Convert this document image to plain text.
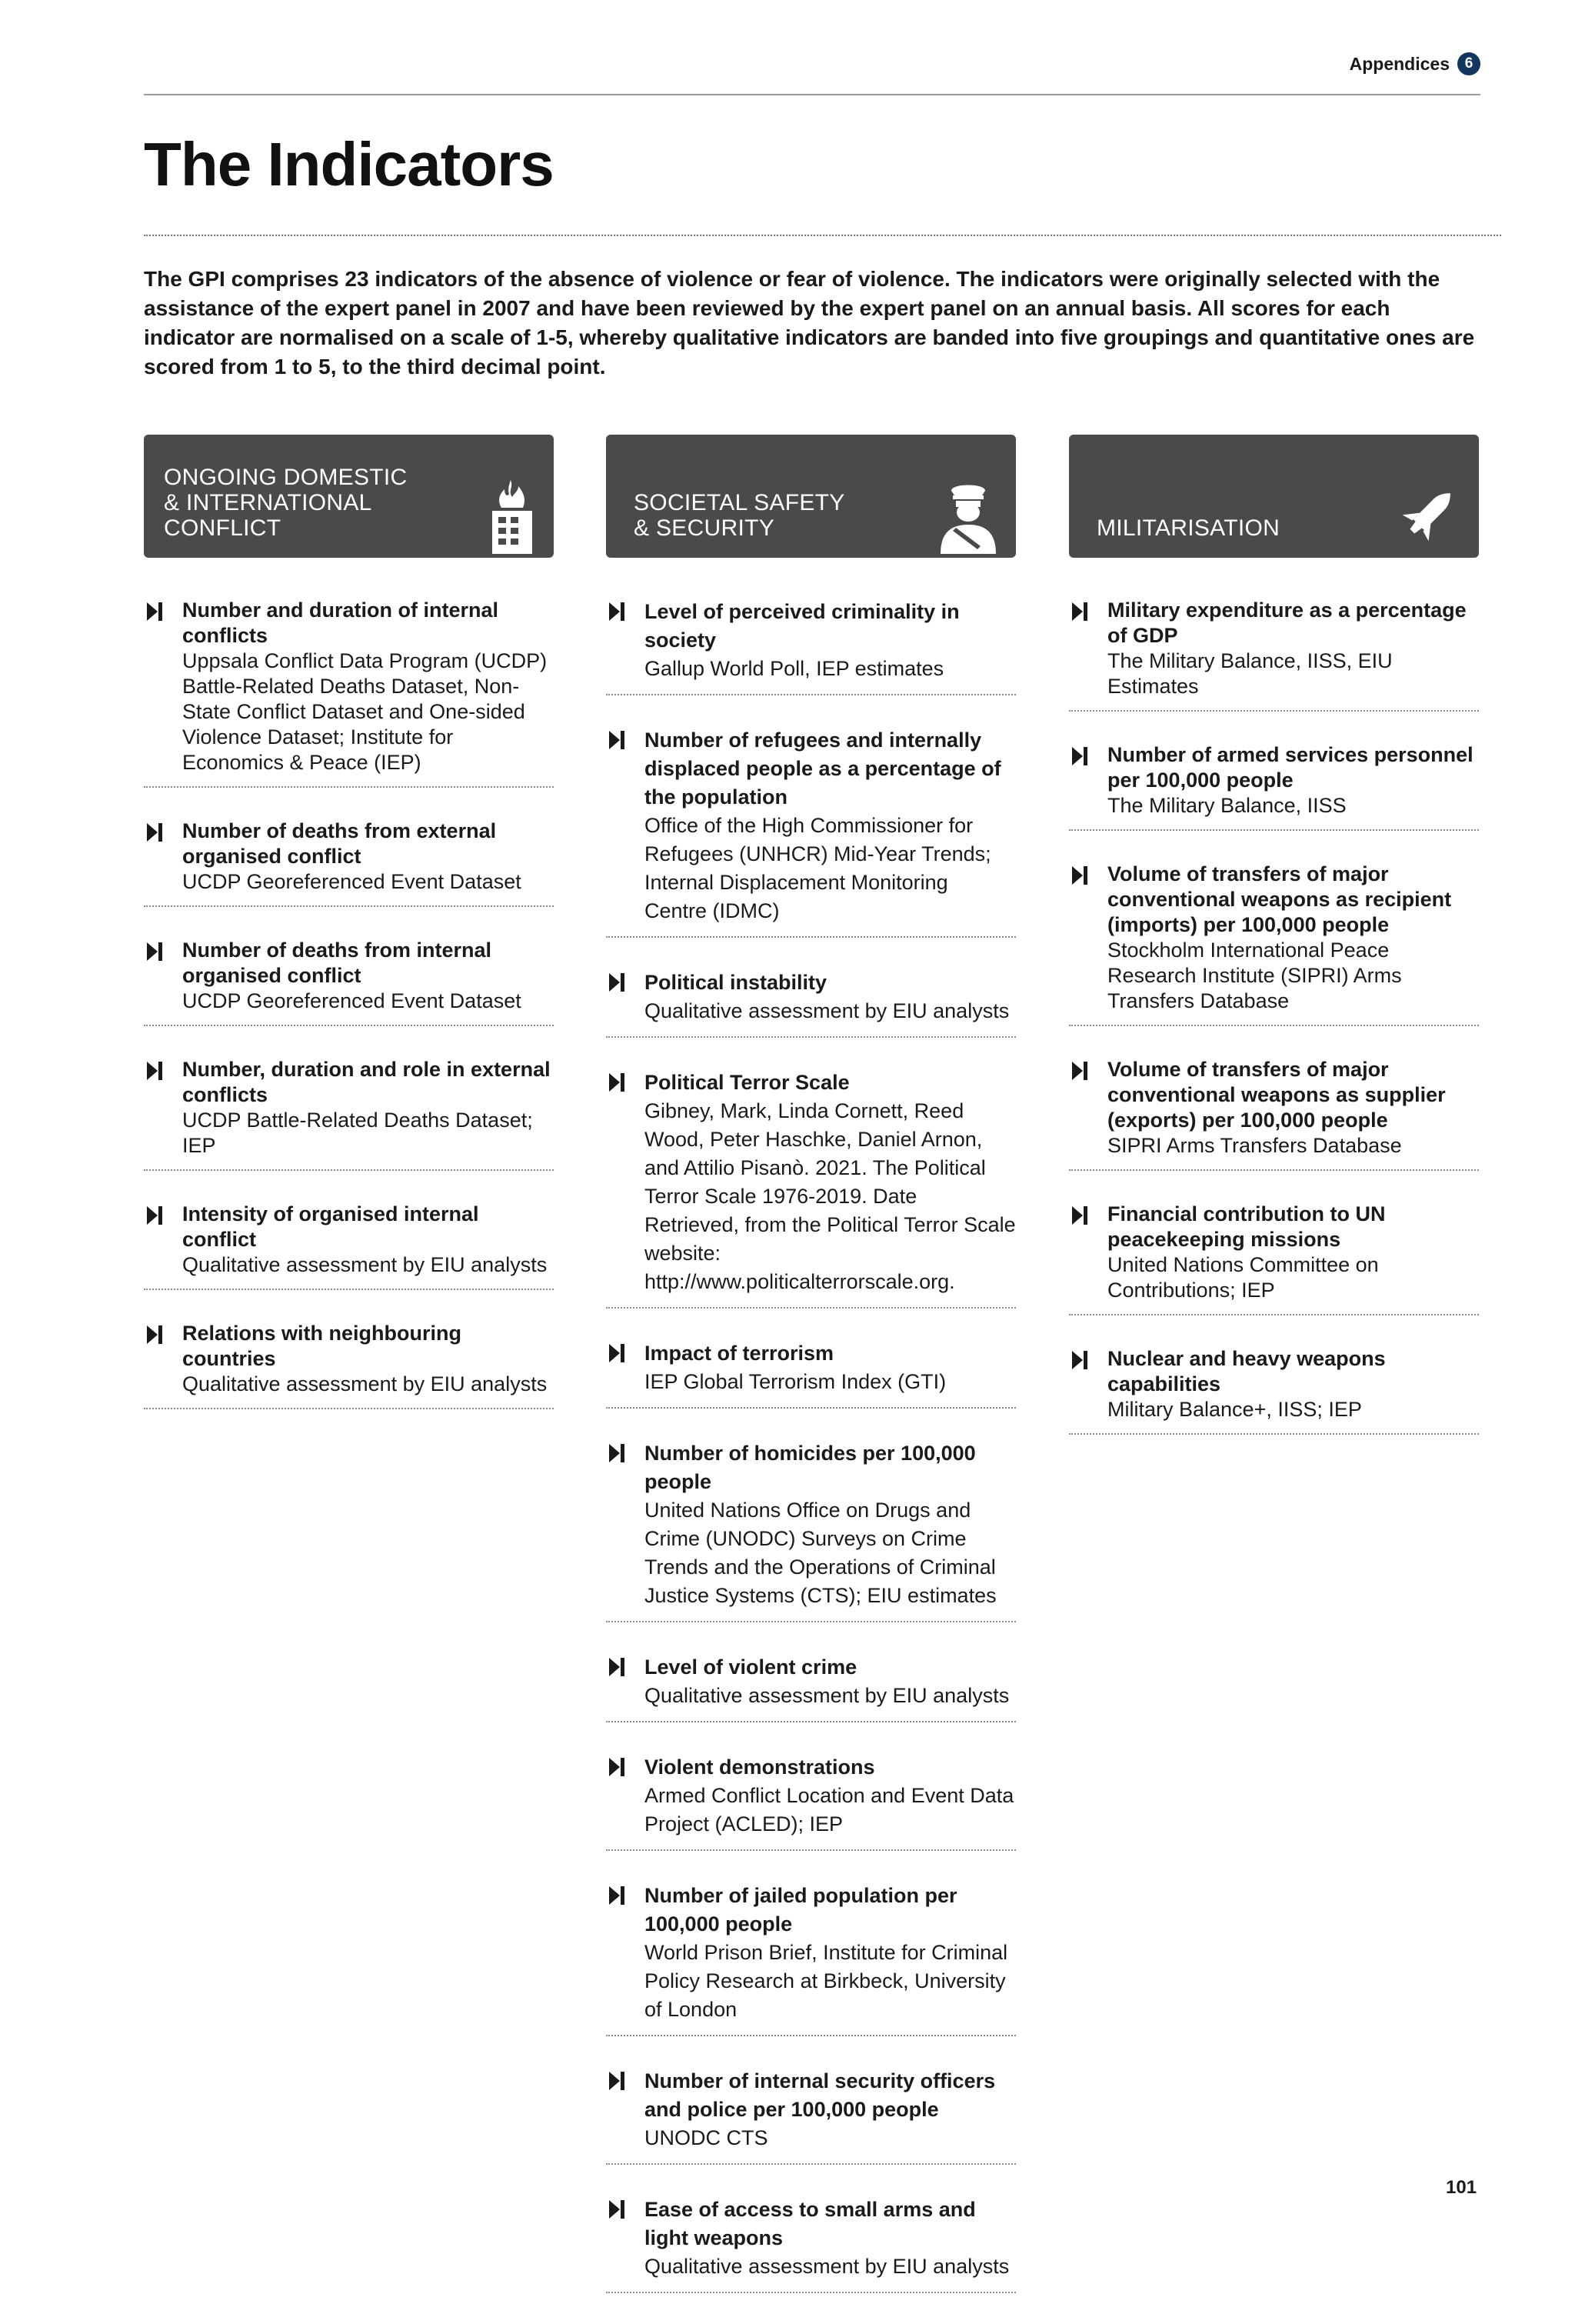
Appendices	6
The Indicators

The GPI comprises 23 indicators of the absence of violence or fear of violence. The indicators were originally selected with the assistance of the expert panel in 2007 and have been reviewed by the expert panel on an annual basis. All scores for each indicator are normalised on a scale of 1-5, whereby qualitative indicators are banded into five groupings and quantitative ones are scored from 1 to 5, to the third decimal point.

ONGOING DOMESTIC
& INTERNATIONAL
CONFLICT
Number and duration of internal conflicts
Uppsala Conflict Data Program (UCDP) Battle-Related Deaths Dataset, Non-State Conflict Dataset and One-sided Violence Dataset; Institute for Economics & Peace (IEP)
Number of deaths from external organised conflict
UCDP Georeferenced Event Dataset
Number of deaths from internal organised conflict
UCDP Georeferenced Event Dataset
Number, duration and role in external conflicts
UCDP Battle-Related Deaths Dataset; IEP
Intensity of organised internal conflict
Qualitative assessment by EIU analysts
Relations with neighbouring countries
Qualitative assessment by EIU analysts
SOCIETAL SAFETY
& SECURITY
Level of perceived criminality in society
Gallup World Poll, IEP estimates
Number of refugees and internally displaced people as a percentage of the population
Office of the High Commissioner for Refugees (UNHCR) Mid-Year Trends; Internal Displacement Monitoring Centre (IDMC)
Political instability
Qualitative assessment by EIU analysts
Political Terror Scale
Gibney, Mark, Linda Cornett, Reed Wood, Peter Haschke, Daniel Arnon, and Attilio Pisanò. 2021. The Political Terror Scale 1976-2019. Date Retrieved, from the Political Terror Scale website: http://www.politicalterrorscale.org.
Impact of terrorism
IEP Global Terrorism Index (GTI)
Number of homicides per 100,000 people
United Nations Office on Drugs and Crime (UNODC) Surveys on Crime Trends and the Operations of Criminal Justice Systems (CTS); EIU estimates
Level of violent crime
Qualitative assessment by EIU analysts
Violent demonstrations
Armed Conflict Location and Event Data Project (ACLED); IEP
Number of jailed population per 100,000 people
World Prison Brief, Institute for Criminal Policy Research at Birkbeck, University of London
Number of internal security officers and police per 100,000 people
UNODC CTS
Ease of access to small arms and light weapons
Qualitative assessment by EIU analysts
MILITARISATION
Military expenditure as a percentage of GDP
The Military Balance, IISS, EIU Estimates
Number of armed services personnel per 100,000 people
The Military Balance, IISS
Volume of transfers of major conventional weapons as recipient (imports) per 100,000 people
Stockholm International Peace Research Institute (SIPRI) Arms Transfers Database
Volume of transfers of major conventional weapons as supplier (exports) per 100,000 people
SIPRI Arms Transfers Database
Financial contribution to UN peacekeeping missions
United Nations Committee on Contributions; IEP
Nuclear and heavy weapons capabilities
Military Balance+, IISS; IEP
101
